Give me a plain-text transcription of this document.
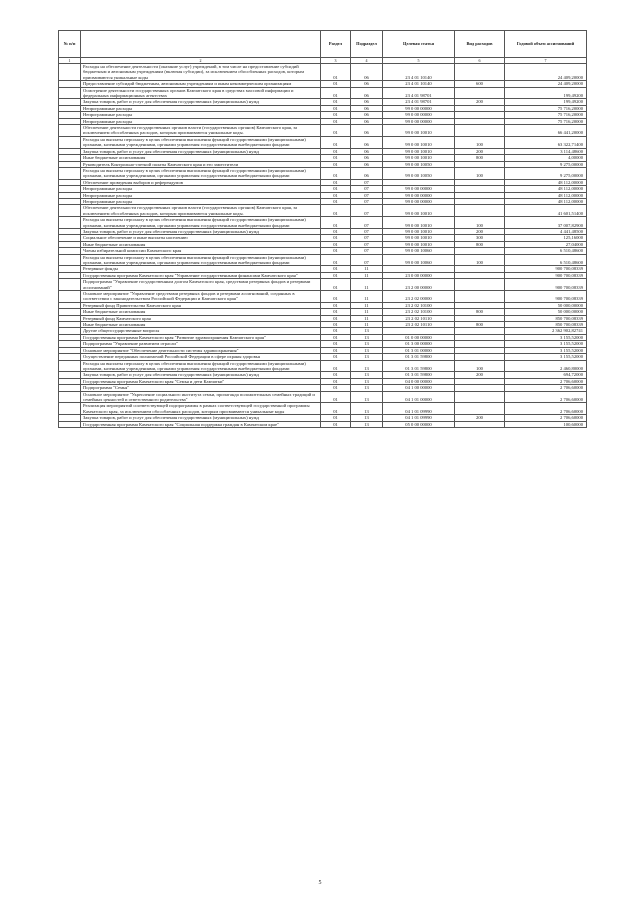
№ п/п		Раздел	Подраздел	Целевая статья	Вид расходов	Годовой объем ассигнований
1	2	3	4	5	6	7
	Расходы на обеспечение деятельности (оказание услуг) учреждений, в том числе на предоставление субсидий бюджетным и автономным учреждениям (включая субсидии), за исключением обособленных расходов, которым присваиваются уникальные коды	01	06	23 4 01 10140		24 409,20000
	Предоставление субсидий бюджетным, автономным учреждениям и иным некоммерческим организациям	01	06	23 4 01 10140	600	24 409,20000
	Осмотрение деятельности государственных органов Камчатского края в средствах массовой информации и федеральных информационных агентствах	01	06	23 4 01 98701		199,49200
	Закупка товаров, работ и услуг для обеспечения государственных (муниципальных) нужд	01	06	23 4 01 98701	200	199,49200
	Непрограммные расходы	01	06	99 0 00 00000		75 716,20000
	Непрограммные расходы	01	06	99 0 00 00000		75 716,20000
	Непрограммные расходы	01	06	99 0 00 00000		75 716,20000
	Обеспечение деятельности государственных органов власти (государственных органов) Камчатского края, за исключением обособленных расходов, которым присваиваются уникальные коды.	01	06	99 0 00 10010		66 441,20000
	Расходы на выплаты персоналу в целях обеспечения выполнения функций государственными (муниципальными) органами, казенными учреждениями, органами управления государственными внебюджетными фондами	01	06	99 0 00 10010	100	63 322,71400
	Закупка товаров, работ и услуг для обеспечения государственных (муниципальных) нужд	01	06	99 0 00 10010	200	3 114,48600
	Иные бюджетные ассигнования	01	06	99 0 00 10010	800	4,00000
	Руководитель Контрольно-счетной палаты Камчатского края и его заместители	01	06	99 0 00 10050		9 275,00000
	Расходы на выплаты персоналу в целях обеспечения выполнения функций государственными (муниципальными) органами, казенными учреждениями, органами управления государственными внебюджетными фондами	01	06	99 0 00 10050	100	9 275,00000
	Обеспечение проведения выборов и референдумов	01	07			48 112,00000
	Непрограммные расходы	01	07	99 0 00 00000		48 112,00000
	Непрограммные расходы	01	07	99 0 00 00000		48 112,00000
	Непрограммные расходы	01	07	99 0 00 00000		48 112,00000
	Обеспечение деятельности государственных органов власти (государственных органов) Камчатского края, за исключением обособленных расходов, которым присваиваются уникальные коды.	01	07	99 0 00 10010		41 601,51400
	Расходы на выплаты персоналу в целях обеспечения выполнения функций государственными (муниципальными) органами, казенными учреждениями, органами управления государственными внебюджетными фондами	01	07	99 0 00 10010	100	37 007,82900
	Закупка товаров, работ и услуг для обеспечения государственных (муниципальных) нужд	01	07	99 0 00 10010	200	4 441,48500
	Социальное обеспечение и иные выплаты населению	01	07	99 0 00 10010	300	125,16000
	Иные бюджетные ассигнования	01	07	99 0 00 10010	800	27,04000
	Члены избирательной комиссии Камчатского края	01	07	99 0 00 10060		6 510,48600
	Расходы на выплаты персоналу в целях обеспечения выполнения функций государственными (муниципальными) органами, казенными учреждениями, органами управления государственными внебюджетными фондами	01	07	99 0 00 10060	100	6 510,48600
	Резервные фонды	01	11			900 700,08339
	Государственная программа Камчатского края "Управление государственными финансами Камчатского края"	01	11	23 0 00 00000		900 700,08339
	Подпрограмма "Управление государственным долгом Камчатского края, средствами резервных фондов и резервами ассигнований"	01	11	23 2 00 00000		900 700,08339
	Основное мероприятие "Управление средствами резервных фондов и резервами ассигнований, созданных в соответствии с законодательством Российской Федерации и Камчатского края"	01	11	23 2 02 00000		900 700,08339
	Резервный фонд Правительства Камчатского края	01	11	23 2 02 10100		50 000,00000
	Иные бюджетные ассигнования	01	11	23 2 02 10100	800	50 000,00000
	Резервный фонд Камчатского края	01	11	23 2 02 10110		850 700,08339
	Иные бюджетные ассигнования	01	11	23 2 02 10110	800	850 700,08339
	Другие общегосударственные вопросы	01	13			2 362 902,82741
	Государственная программа Камчатского края "Развитие здравоохранения Камчатского края"	01	13	01 0 00 00000		3 155,52000
	Подпрограмма "Управление развитием отрасли"	01	13	01 3 00 00000		3 155,52000
	Основное мероприятие "Обеспечение деятельности системы здравоохранения"	01	13	01 3 01 00000		3 155,52000
	Осуществление переданных полномочий Российской Федерации в сфере охраны здоровья	01	13	01 3 01 59800		3 155,52000
	Расходы на выплаты персоналу в целях обеспечения выполнения функций государственными (муниципальными) органами, казенными учреждениями, органами управления государственными внебюджетными фондами	01	13	01 3 01 59800	100	2 460,80000
	Закупка товаров, работ и услуг для обеспечения государственных (муниципальных) нужд	01	13	01 3 01 59800	200	694,72000
	Государственная программа Камчатского края "Семья и дети Камчатки"	01	13	04 0 00 00000		2 706,60000
	Подпрограмма "Семья"	01	13	04 1 00 00000		2 706,60000
	Основное мероприятие "Укрепление социального института семьи, пропаганда положительных семейных традиций и семейных ценностей и ответственного родительства"	01	13	04 1 01 00000		2 706,60000
	Реализация мероприятий соответствующей подпрограммы в рамках соответствующей государственной программы Камчатского края, за исключением обособленных расходов, которым присваиваются уникальные коды	01	13	04 1 01 09990		2 706,60000
	Закупка товаров, работ и услуг для обеспечения государственных (муниципальных) нужд	01	13	04 1 01 09990	200	2 706,60000
	Государственная программа Камчатского края "Социальная поддержка граждан в Камчатском крае"	01	13	05 0 00 00000		100,60000
5
